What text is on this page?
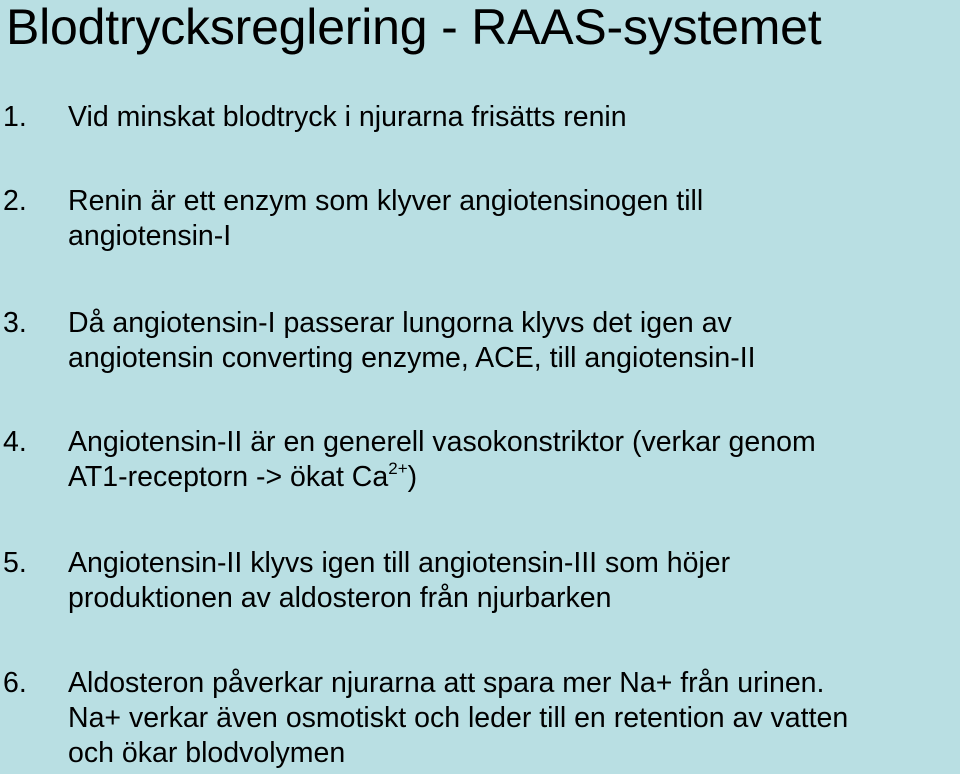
Blodtrycksreglering - RAAS-systemet
1. Vid minskat blodtryck i njurarna frisätts renin
2. Renin är ett enzym som klyver angiotensinogen till
angiotensin-I
3. Då angiotensin-I passerar lungorna klyvs det igen av
angiotensin converting enzyme, ACE, till angiotensin-II
4. Angiotensin-II är en generell vasokonstriktor (verkar genom
AT1-receptorn -> ökat $Ca^{2+}$)
5. Angiotensin-II klyvs igen till angiotensin-III som höjer
produktionen av aldosteron från njurbarken
6. Aldosteron påverkar njurarna att spara mer Na+ från urinen.
Na+ verkar även osmotiskt och leder till en retention av vatten
och ökar blodvolymen
